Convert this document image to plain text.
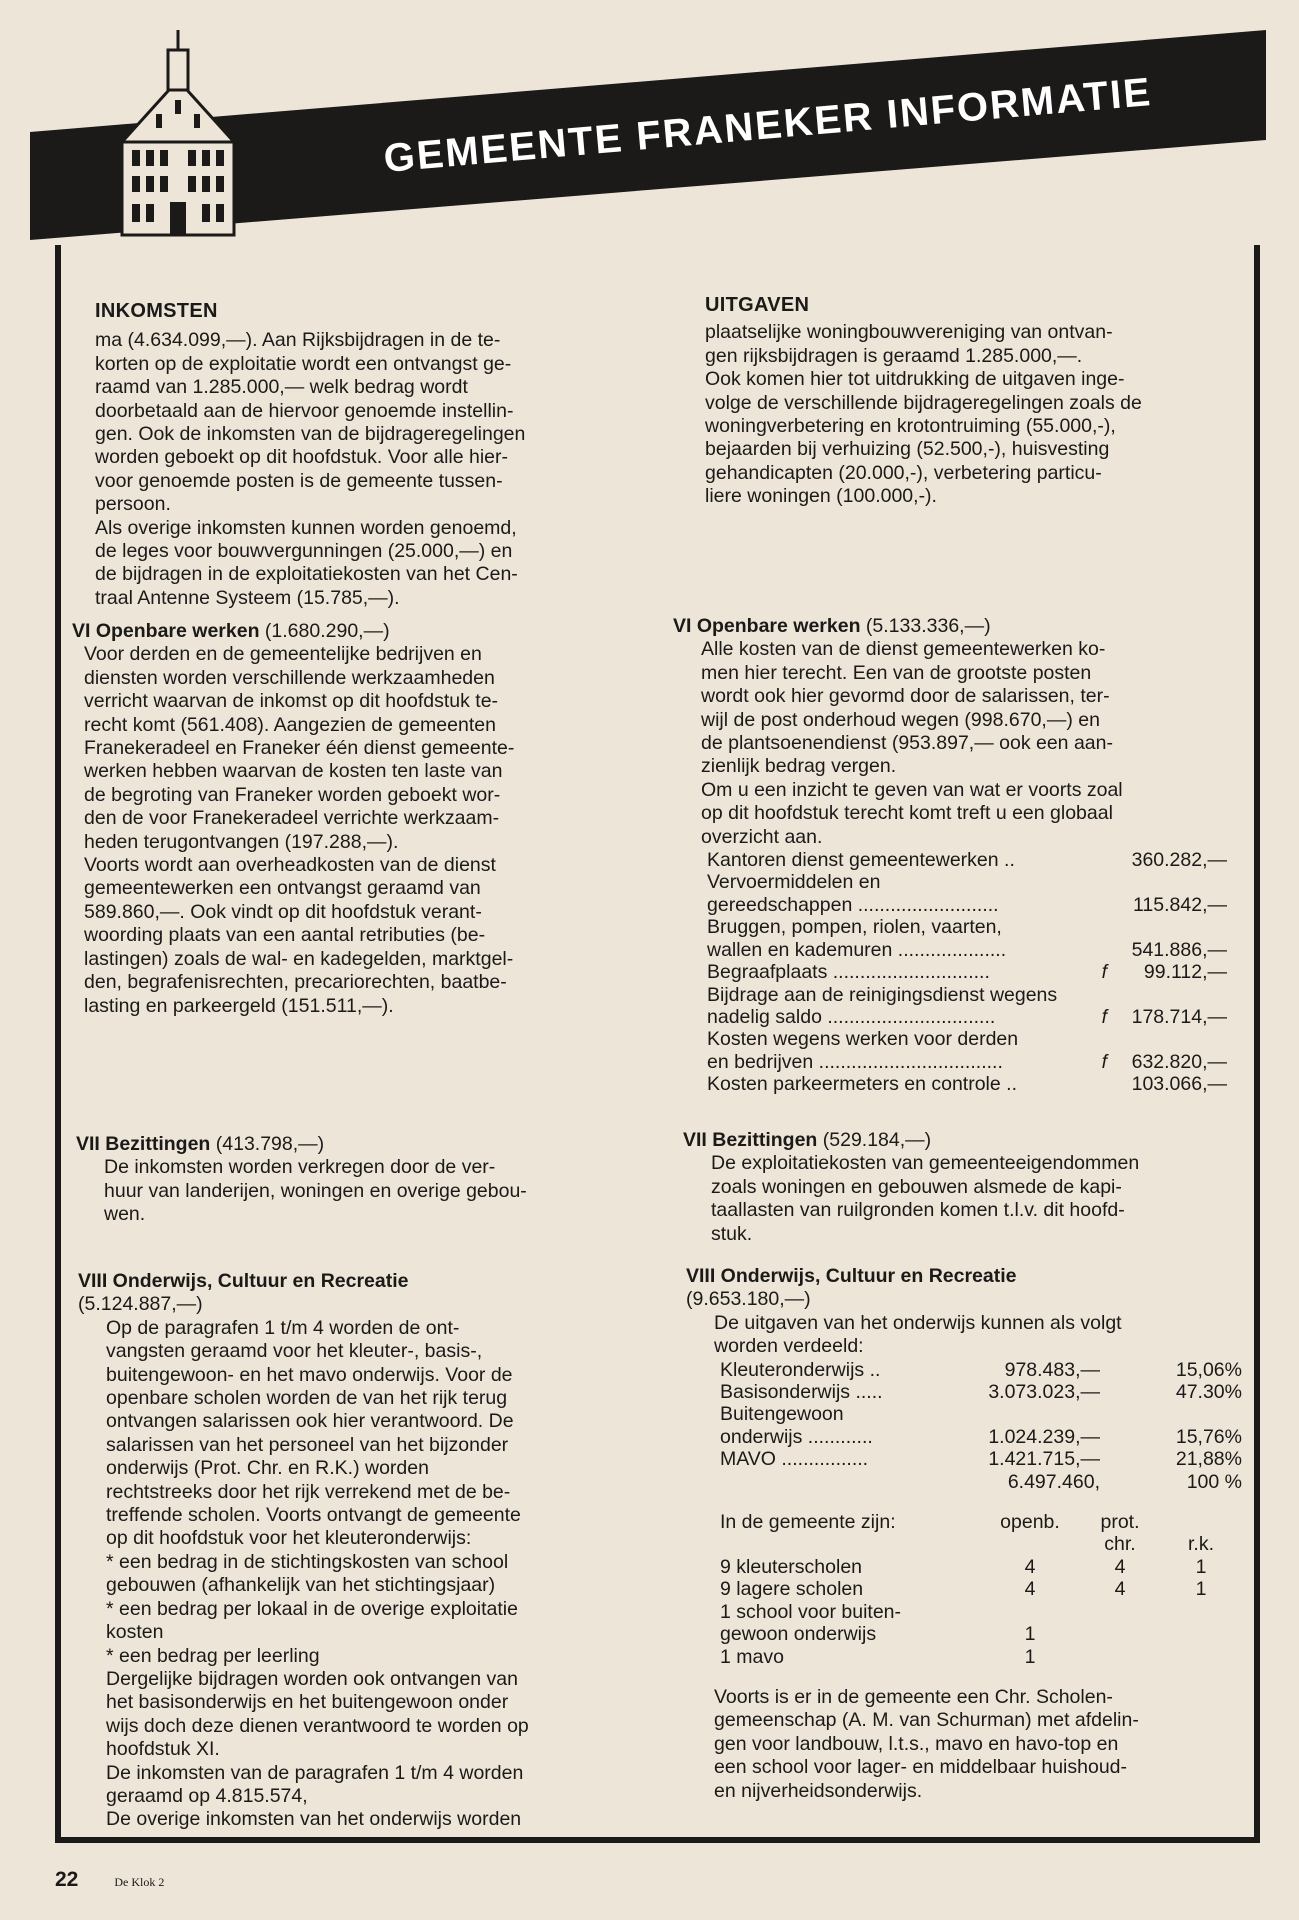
GEMEENTE FRANEKER INFORMATIE

INKOMSTEN

ma (4.634.099,—). Aan Rijksbijdragen in de te-

korten op de exploitatie wordt een ontvangst ge-

raamd van 1.285.000,— welk bedrag wordt

doorbetaald aan de hiervoor genoemde instellin-

gen. Ook de inkomsten van de bijdrageregelingen

worden geboekt op dit hoofdstuk. Voor alle hier-

voor genoemde posten is de gemeente tussen-

persoon.

Als overige inkomsten kunnen worden genoemd,

de leges voor bouwvergunningen (25.000,—) en

de bijdragen in de exploitatiekosten van het Cen-

traal Antenne Systeem (15.785,—).

VI Openbare werken (1.680.290,—)

Voor derden en de gemeentelijke bedrijven en

diensten worden verschillende werkzaamheden

verricht waarvan de inkomst op dit hoofdstuk te-

recht komt (561.408). Aangezien de gemeenten

Franekeradeel en Franeker één dienst gemeente-

werken hebben waarvan de kosten ten laste van

de begroting van Franeker worden geboekt wor-

den de voor Franekeradeel verrichte werkzaam-

heden terugontvangen (197.288,—).

Voorts wordt aan overheadkosten van de dienst

gemeentewerken een ontvangst geraamd van

589.860,—. Ook vindt op dit hoofdstuk verant-

woording plaats van een aantal retributies (be-

lastingen) zoals de wal- en kadegelden, marktgel-

den, begrafenisrechten, precariorechten, baatbe-

lasting en parkeergeld (151.511,—).

VII Bezittingen (413.798,—)

De inkomsten worden verkregen door de ver-

huur van landerijen, woningen en overige gebou-

wen.

VIII Onderwijs, Cultuur en Recreatie

(5.124.887,—)

Op de paragrafen 1 t/m 4 worden de ont-

vangsten geraamd voor het kleuter-, basis-,

buitengewoon- en het mavo onderwijs. Voor de

openbare scholen worden de van het rijk terug

ontvangen salarissen ook hier verantwoord. De

salarissen van het personeel van het bijzonder

onderwijs (Prot. Chr. en R.K.) worden

rechtstreeks door het rijk verrekend met de be-

treffende scholen. Voorts ontvangt de gemeente

op dit hoofdstuk voor het kleuteronderwijs:

* een bedrag in de stichtingskosten van school

gebouwen (afhankelijk van het stichtingsjaar)

* een bedrag per lokaal in de overige exploitatie

kosten

* een bedrag per leerling

Dergelijke bijdragen worden ook ontvangen van

het basisonderwijs en het buitengewoon onder

wijs doch deze dienen verantwoord te worden op

hoofdstuk XI.

De inkomsten van de paragrafen 1 t/m 4 worden

geraamd op 4.815.574,

De overige inkomsten van het onderwijs worden

UITGAVEN

plaatselijke woningbouwvereniging van ontvan-

gen rijksbijdragen is geraamd 1.285.000,—.

Ook komen hier tot uitdrukking de uitgaven inge-

volge de verschillende bijdrageregelingen zoals de

woningverbetering en krotontruiming (55.000,-),

bejaarden bij verhuizing (52.500,-), huisvesting

gehandicapten (20.000,-), verbetering particu-

liere woningen (100.000,-).

VI Openbare werken (5.133.336,—)

Alle kosten van de dienst gemeentewerken ko-

men hier terecht. Een van de grootste posten

wordt ook hier gevormd door de salarissen, ter-

wijl de post onderhoud wegen (998.670,—) en

de plantsoenendienst (953.897,— ook een aan-

zienlijk bedrag vergen.

Om u een inzicht te geven van wat er voorts zoal

op dit hoofdstuk terecht komt treft u een globaal

overzicht aan.

Kantoren dienst gemeentewerken ..		360.282,—
Vervoermiddelen en		
gereedschappen ..........................		115.842,—
Bruggen, pompen, riolen, vaarten,		
wallen en kademuren ....................		541.886,—
Begraafplaats .............................	f	99.112,—
Bijdrage aan de reinigingsdienst wegens		
nadelig saldo ...............................	f	178.714,—
Kosten wegens werken voor derden		
en bedrijven ..................................	f	632.820,—
Kosten parkeermeters en controle ..		103.066,—

VII Bezittingen (529.184,—)

De exploitatiekosten van gemeenteeigendommen

zoals woningen en gebouwen alsmede de kapi-

taallasten van ruilgronden komen t.l.v. dit hoofd-

stuk.

VIII Onderwijs, Cultuur en Recreatie

(9.653.180,—)

De uitgaven van het onderwijs kunnen als volgt

worden verdeeld:

Kleuteronderwijs ..	978.483,—	15,06%
Basisonderwijs .....	3.073.023,—	47.30%
Buitengewoon		
onderwijs ............	1.024.239,—	15,76%
MAVO ................	1.421.715,—	21,88%
	6.497.460,	100 %
In de gemeente zijn:	openb.	prot.	
		chr.	r.k.
9 kleuterscholen	4	4	1
9 lagere scholen	4	4	1
1 school voor buiten-			
gewoon onderwijs	1		
1 mavo	1		

Voorts is er in de gemeente een Chr. Scholen-

gemeenschap (A. M. van Schurman) met afdelin-

gen voor landbouw, l.t.s., mavo en havo-top en

een school voor lager- en middelbaar huishoud-

en nijverheidsonderwijs.

22	De Klok 2
